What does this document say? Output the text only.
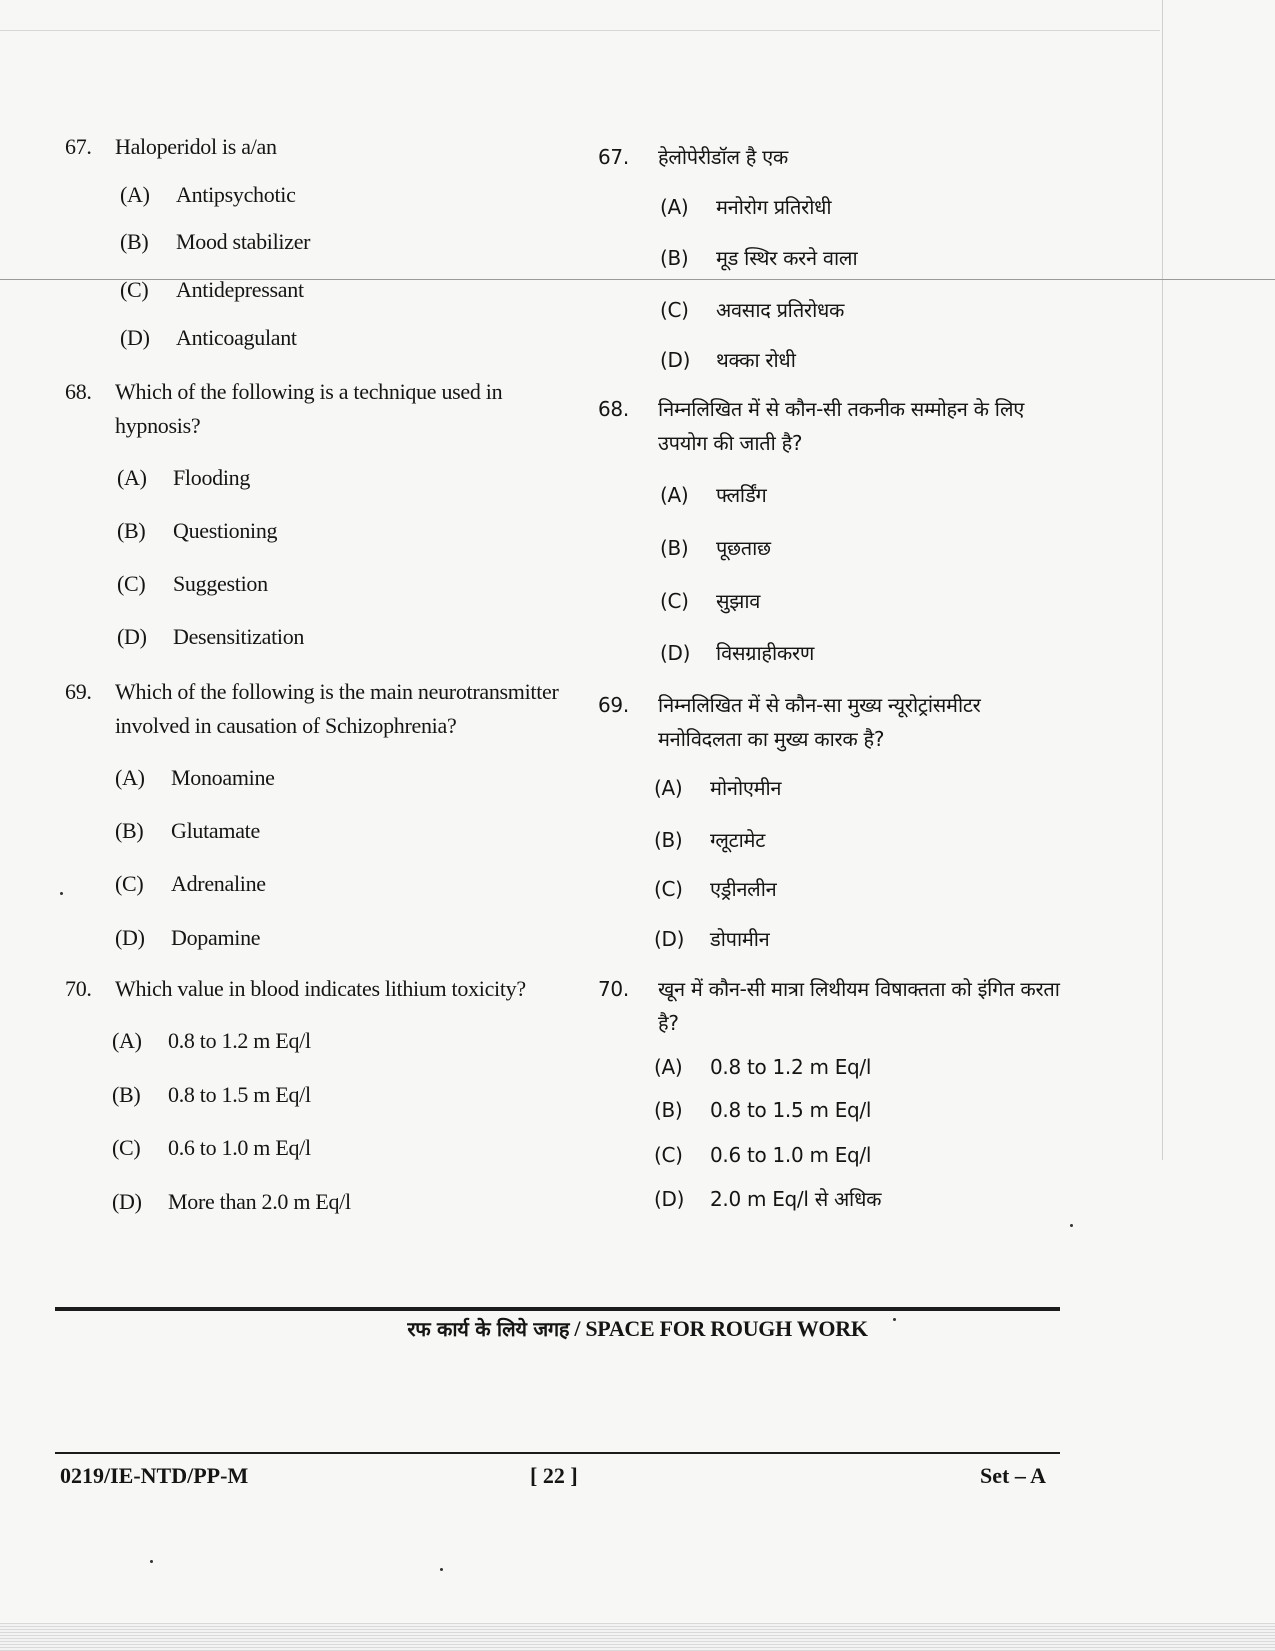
67.	Haloperidol is a/an
(A)	Antipsychotic
(B)	Mood stabilizer
(C)	Antidepressant
(D)	Anticoagulant
68.	Which of the following is a technique used in hypnosis?
(A)	Flooding
(B)	Questioning
(C)	Suggestion
(D)	Desensitization
69.	Which of the following is the main neurotransmitter involved in causation of Schizophrenia?
(A)	Monoamine
(B)	Glutamate
(C)	Adrenaline
(D)	Dopamine
70.	Which value in blood indicates lithium toxicity?
(A)	0.8 to 1.2 m Eq/l
(B)	0.8 to 1.5 m Eq/l
(C)	0.6 to 1.0 m Eq/l
(D)	More than 2.0 m Eq/l
67.	हेलोपेरीडॉल है एक
(A)	मनोरोग प्रतिरोधी
(B)	मूड स्थिर करने वाला
(C)	अवसाद प्रतिरोधक
(D)	थक्का रोधी
68.	निम्नलिखित में से कौन-सी तकनीक सम्मोहन के लिए उपयोग की जाती है?
(A)	फ्लर्डिंग
(B)	पूछताछ
(C)	सुझाव
(D)	विसग्राहीकरण
69.	निम्नलिखित में से कौन-सा मुख्य न्यूरोट्रांसमीटर मनोविदलता का मुख्य कारक है?
(A)	मोनोएमीन
(B)	ग्लूटामेट
(C)	एड्रीनलीन
(D)	डोपामीन
70.	खून में कौन-सी मात्रा लिथीयम विषाक्तता को इंगित करता है?
(A)	0.8 to 1.2 m Eq/l
(B)	0.8 to 1.5 m Eq/l
(C)	0.6 to 1.0 m Eq/l
(D)	2.0 m Eq/l से अधिक
रफ कार्य के लिये जगह / SPACE FOR ROUGH WORK
0219/IE-NTD/PP-M	[ 22 ]	Set – A
